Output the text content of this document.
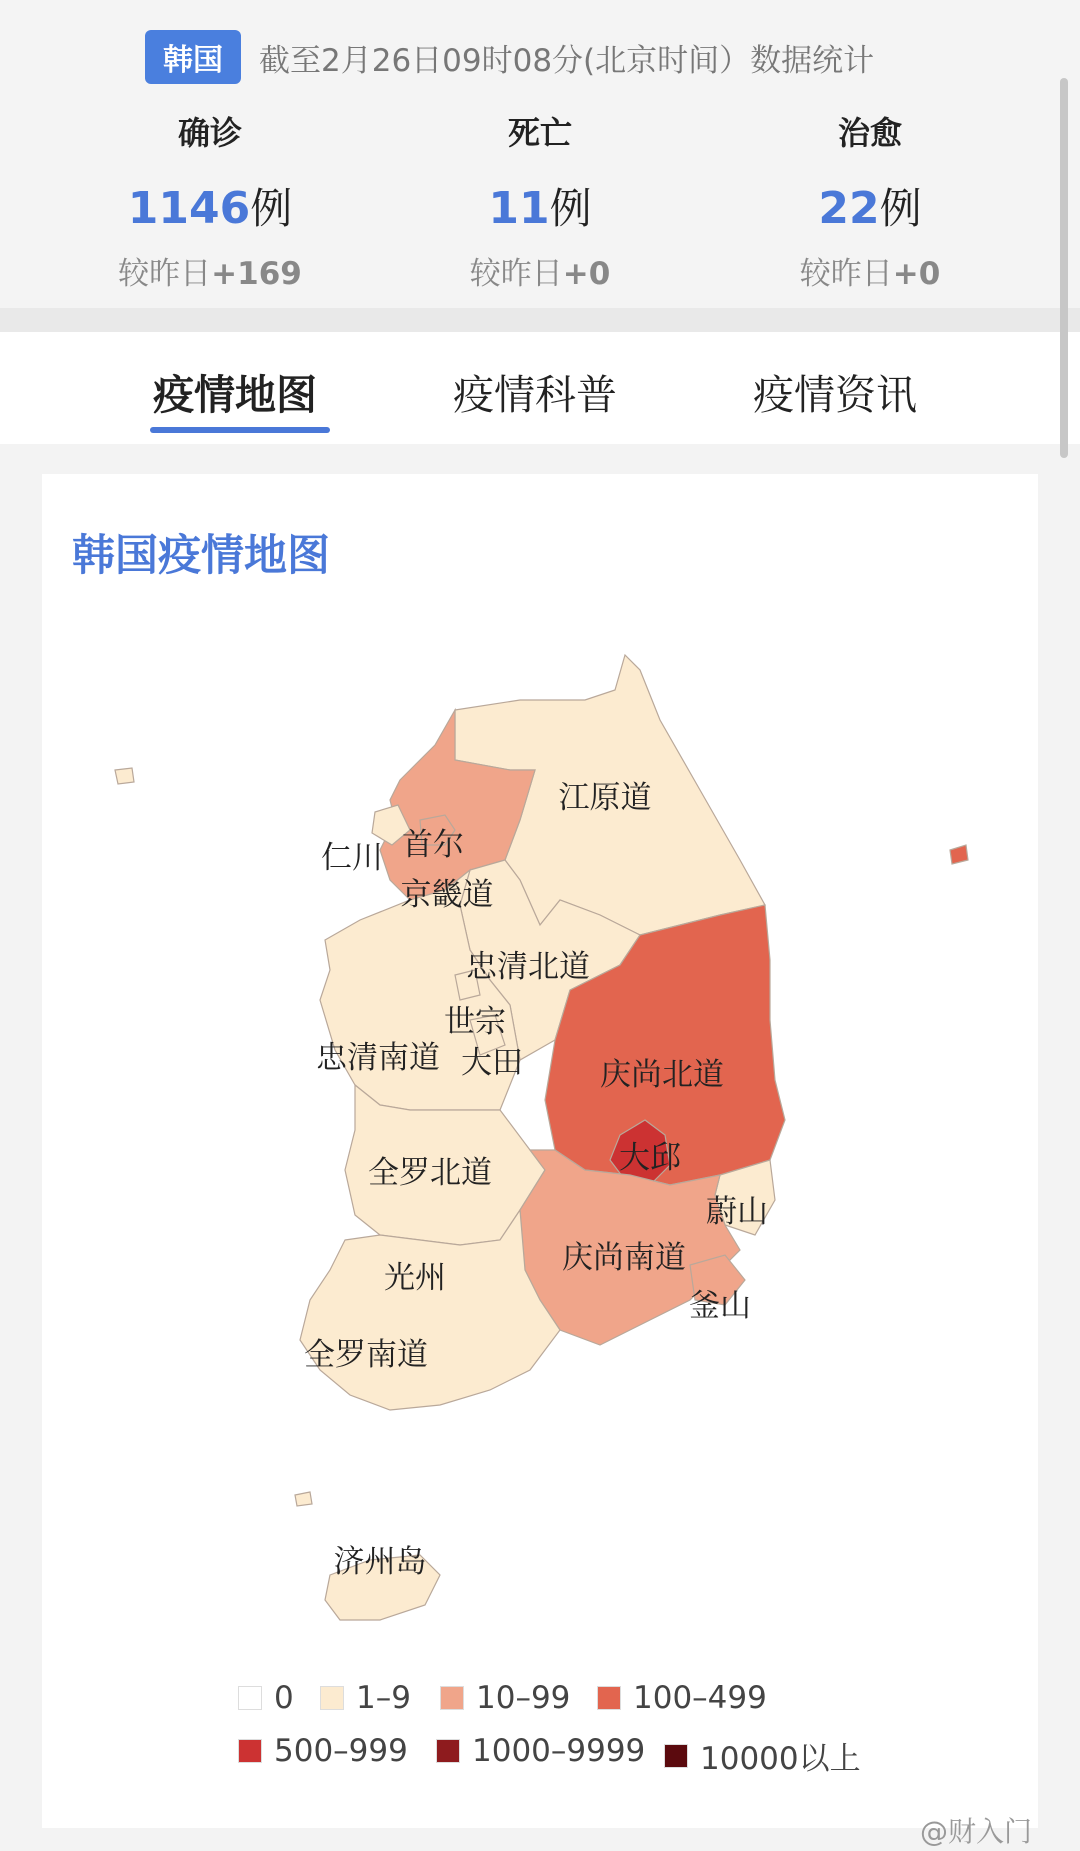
韩国	截至2月26日09时08分(北京时间）数据统计
确诊
1146例
较昨日+169
死亡
11例
较昨日+0
治愈
22例
较昨日+0
疫情地图	疫情科普	疫情资讯
韩国疫情地图
江原道
首尔
仁川
京畿道
忠清北道
世宗
忠清南道 大田 庆尚北道
大邱
蔚山
全罗北道
庆尚南道
光州
釜山
全罗南道
济州岛
0 1–9 10–99 100–499
500–999 1000–9999 10000以上
@财入门
